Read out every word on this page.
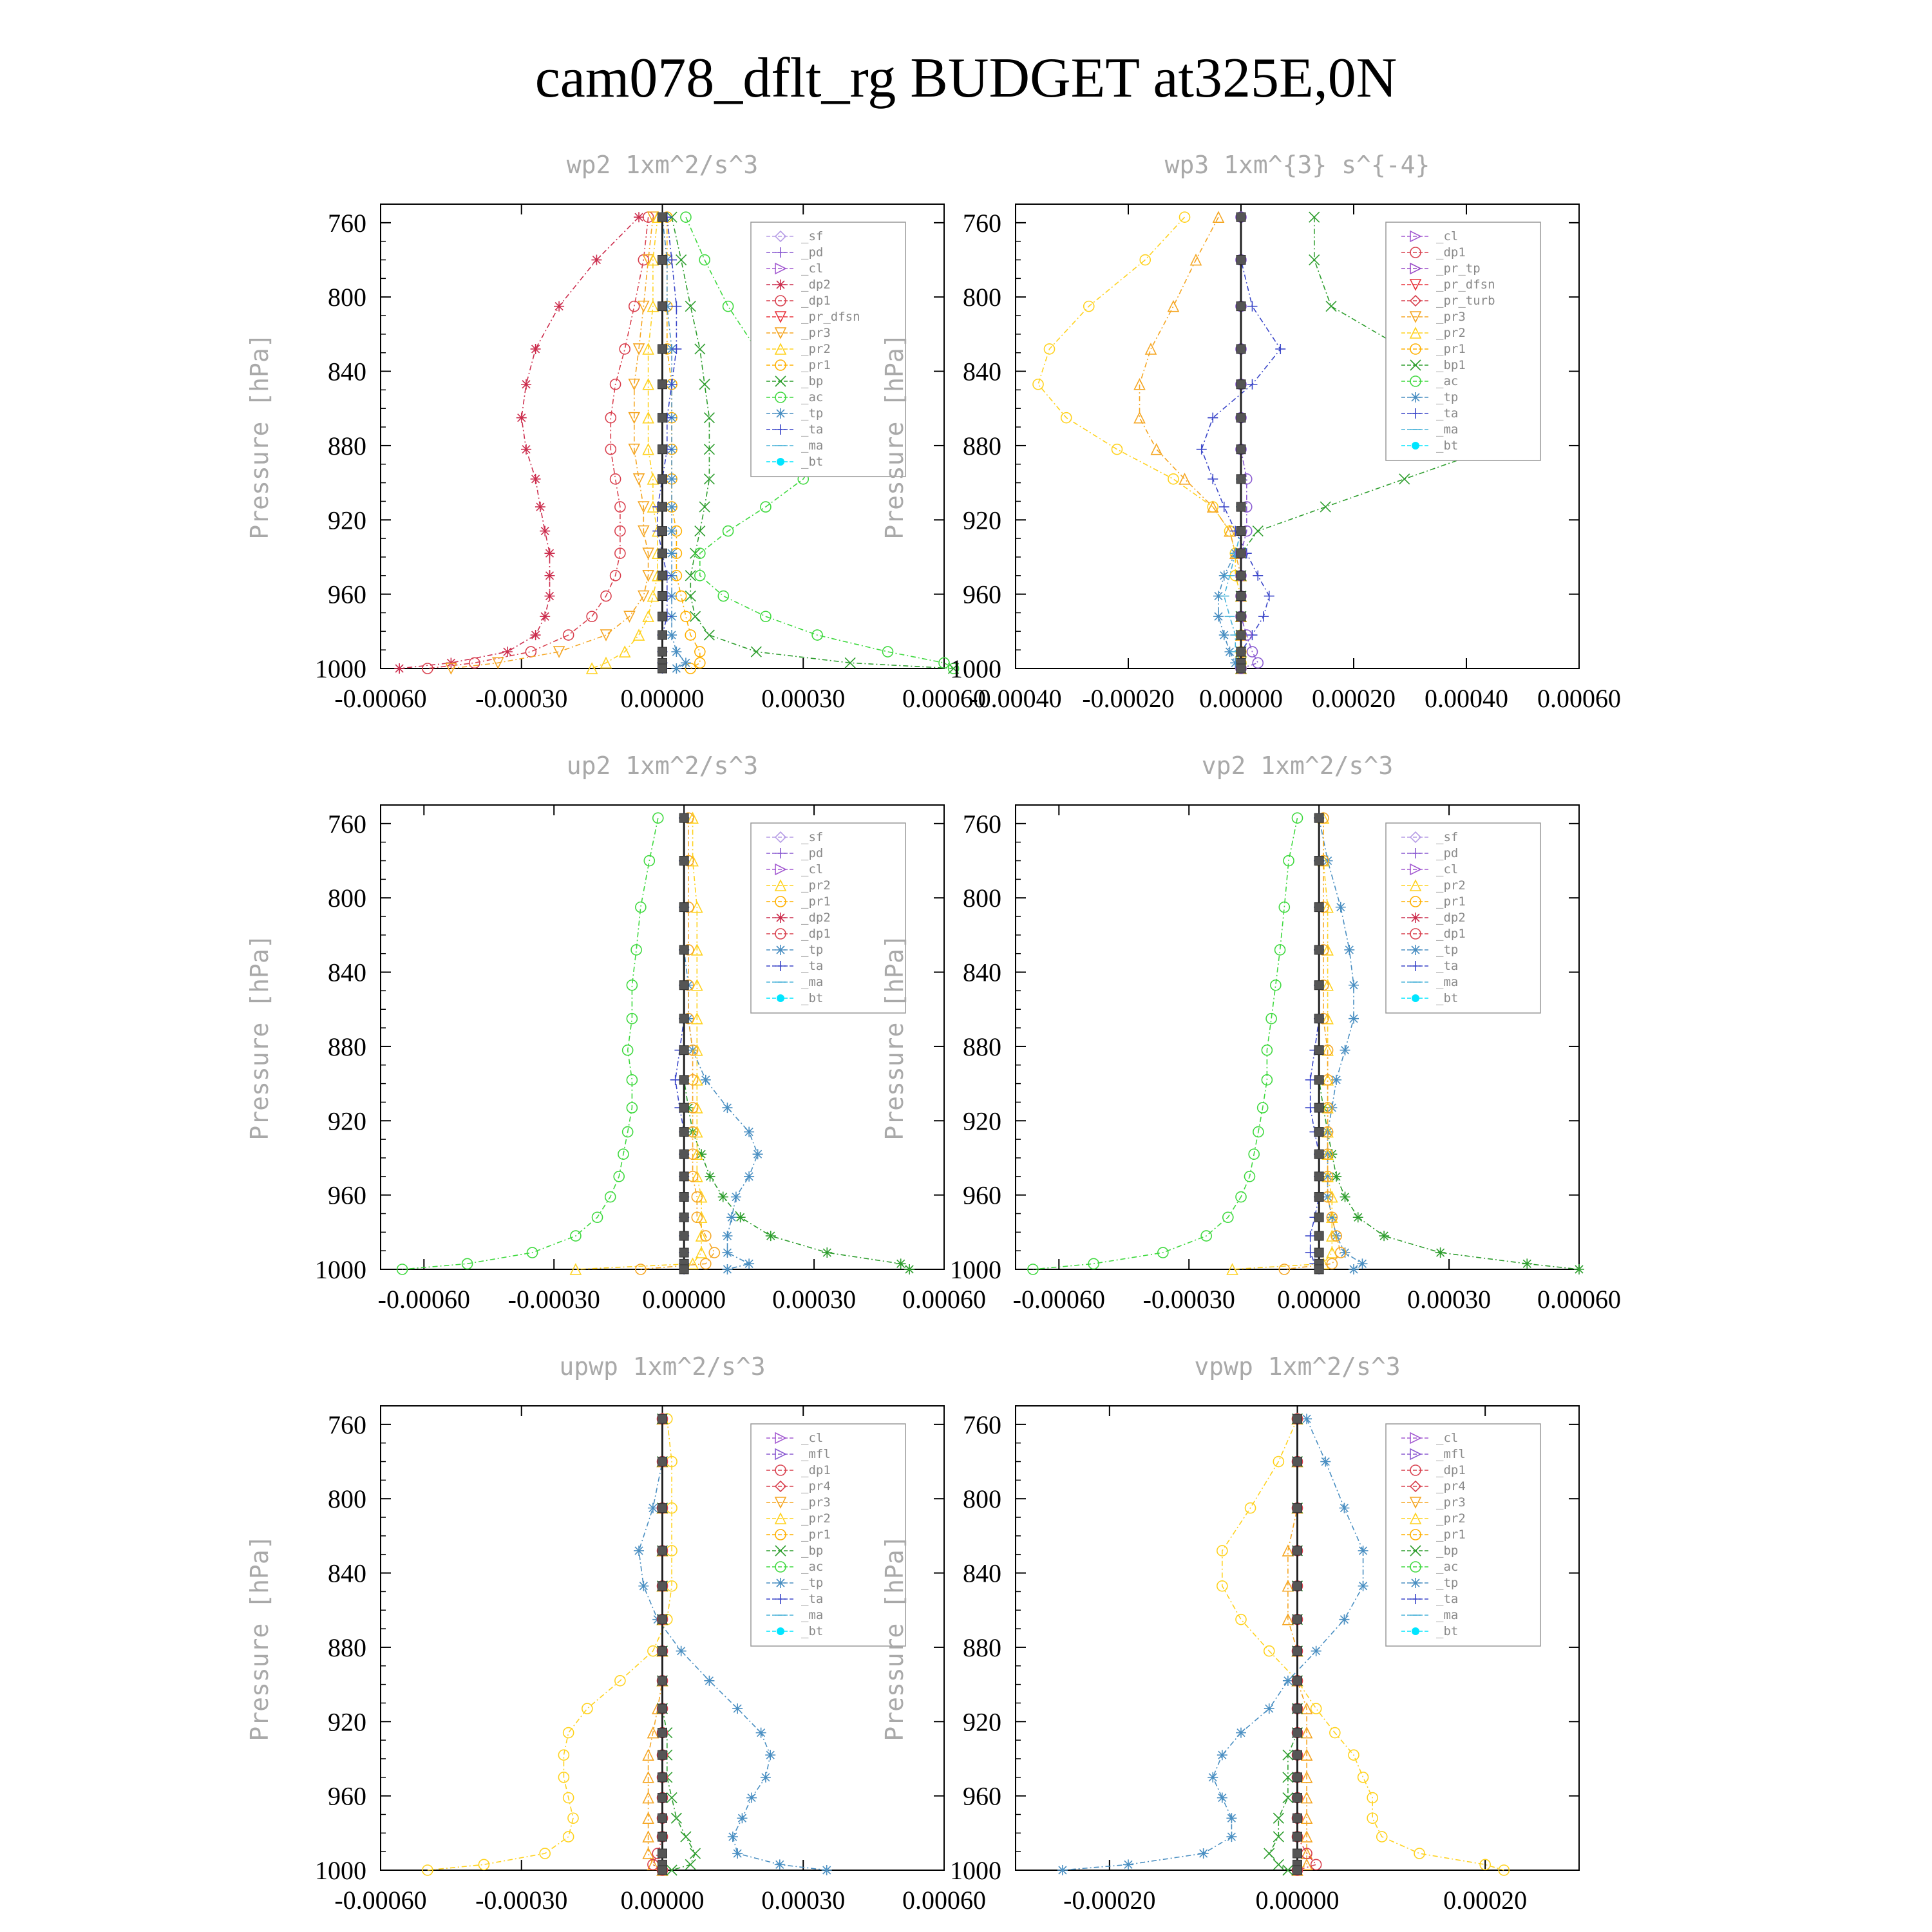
cam078_dflt_rg BUDGET at325E,0N
wp2 1xm^2/s^3
Pressure [hPa]
760
800
840
880
920
960
1000
-0.00060 -0.00030 0.00000 0.00030 0.00060
_sf
_pd
_cl
_dp2
_dp1
_pr_dfsn
_pr3
_pr2
_pr1
_bp
_ac
_tp
_ta
_ma
_bt
wp3 1xm^{3} s^{-4}
Pressure [hPa]
760
800
840
880
920
960
1000
-0.00040 -0.00020 0.00000 0.00020 0.00040 0.00060
_cl
_dp1
_pr_tp
_pr_dfsn
_pr_turb
_pr3
_pr2
_pr1
_bp1
_ac
_tp
_ta
_ma
_bt
up2 1xm^2/s^3
Pressure [hPa]
760
800
840
880
920
960
1000
-0.00060 -0.00030 0.00000 0.00030 0.00060
_sf
_pd
_cl
_pr2
_pr1
_dp2
_dp1
_tp
_ta
_ma
_bt
vp2 1xm^2/s^3
Pressure [hPa]
760
800
840
880
920
960
1000
-0.00060 -0.00030 0.00000 0.00030 0.00060
_sf
_pd
_cl
_pr2
_pr1
_dp2
_dp1
_tp
_ta
_ma
_bt
upwp 1xm^2/s^3
Pressure [hPa]
760
800
840
880
920
960
1000
-0.00060 -0.00030 0.00000 0.00030 0.00060
_cl
_mfl
_dp1
_pr4
_pr3
_pr2
_pr1
_bp
_ac
_tp
_ta
_ma
_bt
vpwp 1xm^2/s^3
Pressure [hPa]
760
800
840
880
920
960
1000
-0.00020	0.00000	0.00020
_cl
_mfl
_dp1
_pr4
_pr3
_pr2
_pr1
_bp
_ac
_tp
_ta
_ma
_bt
